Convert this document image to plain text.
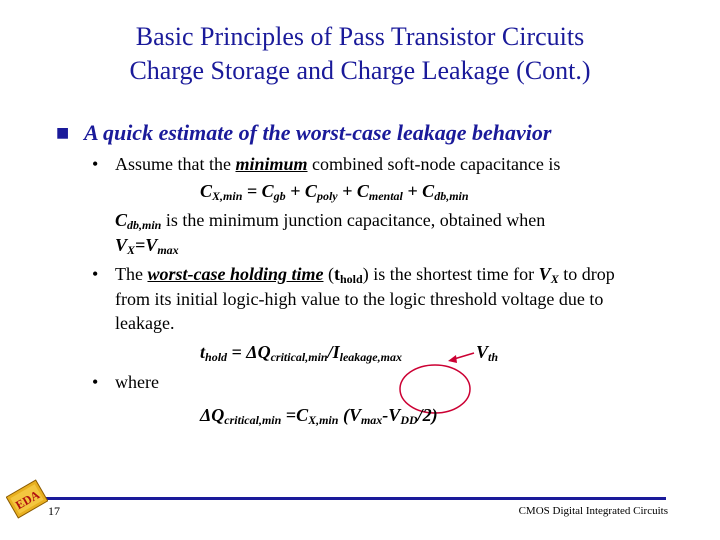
Basic Principles of Pass Transistor Circuits
Charge Storage and Charge Leakage (Cont.)
■ A quick estimate of the worst-case leakage behavior
• Assume that the minimum combined soft-node capacitance is
$C_{X,min} = C_{gb} + C_{poly} + C_{mental} + C_{db,min}$
$C_{db,min}$ is the minimum junction capacitance, obtained when
$V_X=V_{max}$
• The worst-case holding time $(t_{hold})$ is the shortest time for $V_X$ to drop
from its initial logic-high value to the logic threshold voltage due to
leakage.
$t_{hold} = \Delta Q_{critical,min}/I_{leakage,max}$	$V_{th}$
• where
$\Delta Q_{critical,min} =C_{X,min}$ $(V_{max}-V_{DD}/2)$
EDA 17	CMOS Digital Integrated Circuits
